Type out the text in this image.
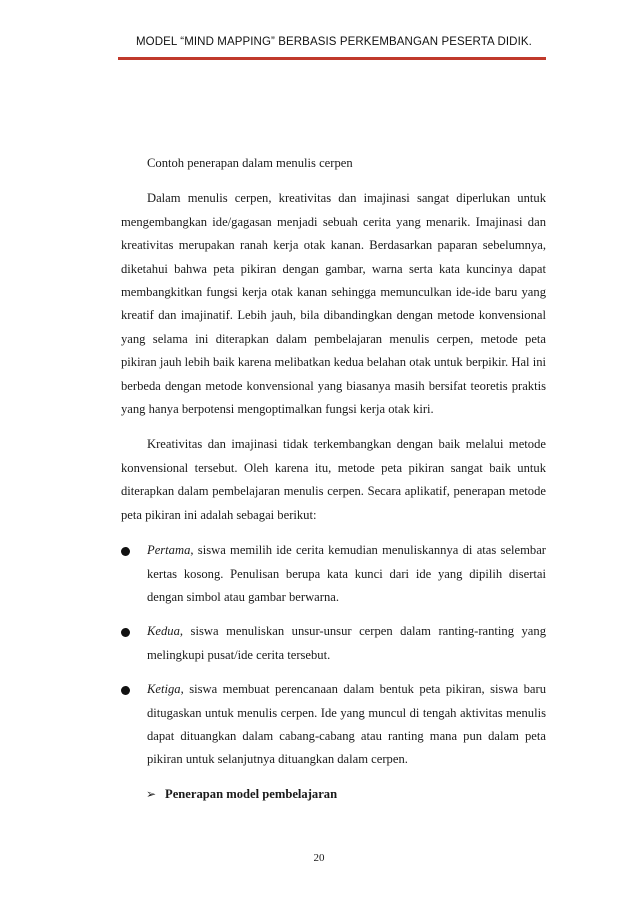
MODEL “MIND MAPPING” BERBASIS PERKEMBANGAN PESERTA DIDIK.

Contoh penerapan dalam menulis cerpen

Dalam menulis cerpen, kreativitas dan imajinasi sangat diperlukan untuk mengembangkan ide/gagasan menjadi sebuah cerita yang menarik. Imajinasi dan kreativitas merupakan ranah kerja otak kanan. Berdasarkan paparan sebelumnya, diketahui bahwa peta pikiran dengan gambar, warna serta kata kuncinya dapat membangkitkan fungsi kerja otak kanan sehingga memunculkan ide-ide baru yang kreatif dan imajinatif. Lebih jauh, bila dibandingkan dengan metode konvensional yang selama ini diterapkan dalam pembelajaran menulis cerpen, metode peta pikiran jauh lebih baik karena melibatkan kedua belahan otak untuk berpikir. Hal ini berbeda dengan metode konvensional yang biasanya masih bersifat teoretis praktis yang hanya berpotensi mengoptimalkan fungsi kerja otak kiri.

Kreativitas dan imajinasi tidak terkembangkan dengan baik melalui metode konvensional tersebut. Oleh karena itu, metode peta pikiran sangat baik untuk diterapkan dalam pembelajaran menulis cerpen. Secara aplikatif, penerapan metode peta pikiran ini adalah sebagai berikut:

Pertama, siswa memilih ide cerita kemudian menuliskannya di atas selembar kertas kosong. Penulisan berupa kata kunci dari ide yang dipilih disertai dengan simbol atau gambar berwarna.
Kedua, siswa menuliskan unsur-unsur cerpen dalam ranting-ranting yang melingkupi pusat/ide cerita tersebut.
Ketiga, siswa membuat perencanaan dalam bentuk peta pikiran, siswa baru ditugaskan untuk menulis cerpen. Ide yang muncul di tengah aktivitas menulis dapat dituangkan dalam cabang-cabang atau ranting mana pun dalam peta pikiran untuk selanjutnya dituangkan dalam cerpen.
➢ Penerapan model pembelajaran
20
